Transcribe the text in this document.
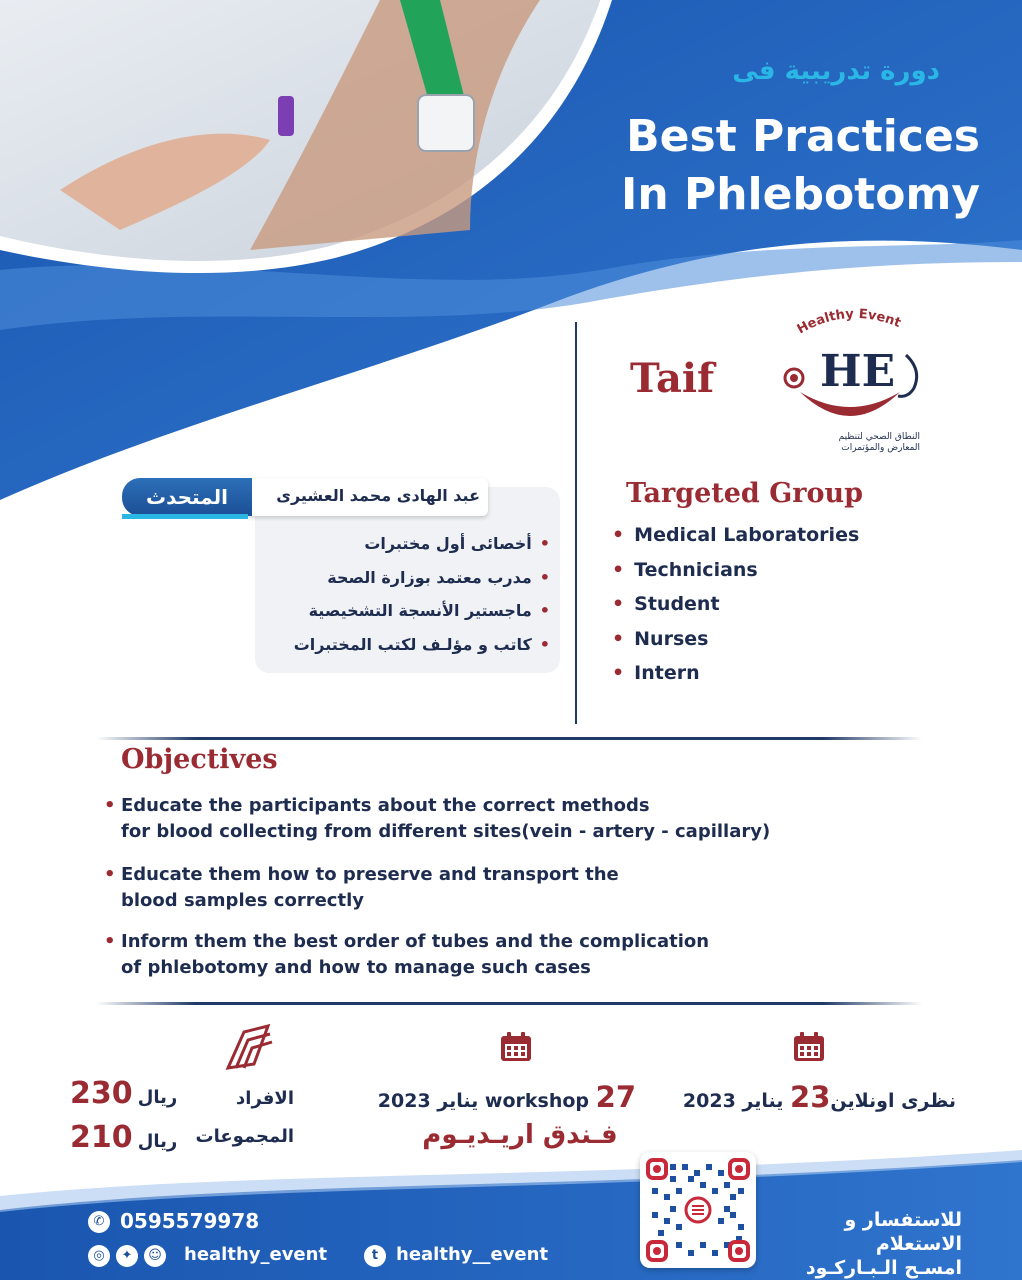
دورة تدريبية فى
Best Practices
In Phlebotomy
Taif
Healthy Event
HE
النطاق الصحي لتنظيم
المعارض والمؤتمرات
Targeted Group
• Medical Laboratories
• Technicians
• Student
• Nurses
• Intern
عبد الهادى محمد العشيرى
المتحدث
• أخصائى أول مختبرات
• مدرب معتمد بوزارة الصحة
• ماجستير الأنسجة التشخيصية
• كاتب و مؤلـف لكتب المختبرات
Objectives
• Educate the participants about the correct methods
for blood collecting from different sites(vein - artery - capillary)
• Educate them how to preserve and transport the
blood samples correctly
• Inform them the best order of tubes and the complication
of phlebotomy and how to manage such cases
نظرى اونلاين23 يناير 2023
workshop 27 يناير 2023
فـندق اريـديـوم
ريال 230	الافراد
ريال 210	المجموعات
✆ 0595579978
◎	✦	☺ healthy_event	t healthy__event
للاستفسار و الاستعلام
امسـح الـبـاركـود
